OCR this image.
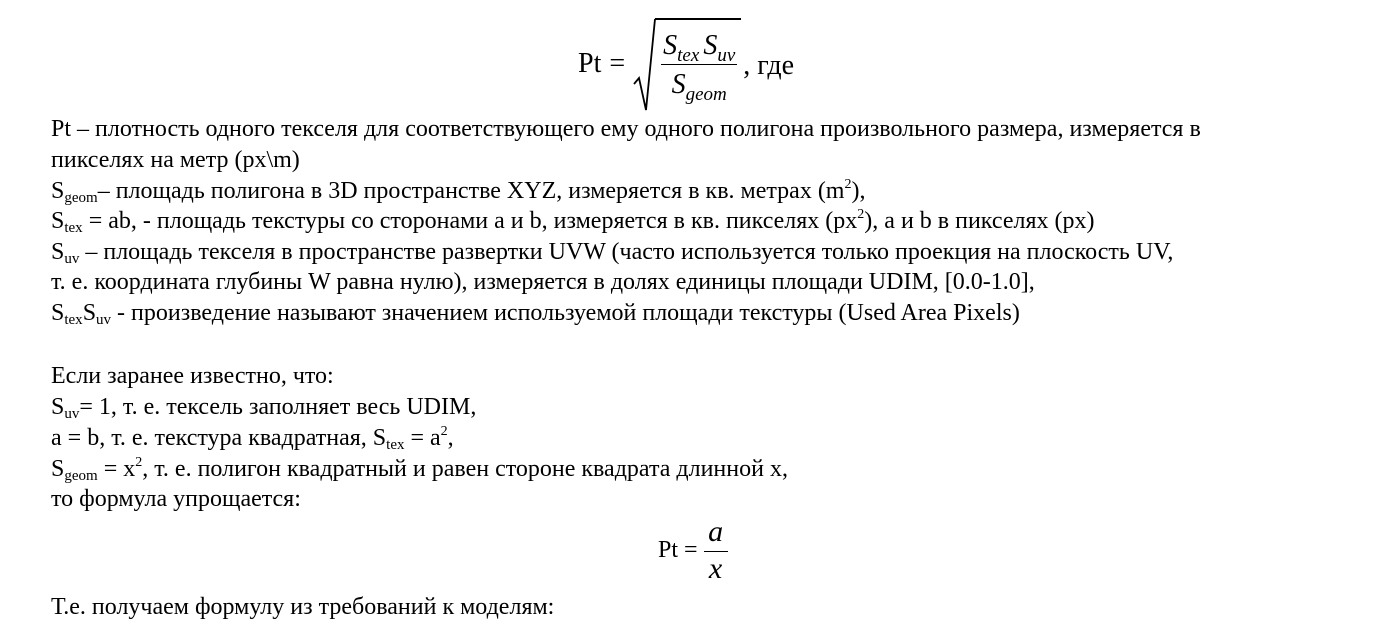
$Pt = \frac{S_{tex} S_{uv}}{S_{geom}}$ , где
Pt – плотность одного текселя для соответствующего ему одного полигона произвольного размера, измеряется в
пикселях на метр (px\m)
Sgeom– площадь полигона в 3D пространстве XYZ, измеряется в кв. метрах $(m^2)$,
Stex = ab, - площадь текстуры со сторонами a и b, измеряется в кв. пикселях $(px^2)$, a и b в пикселях (px)
Suv – площадь текселя в пространстве развертки UVW (часто используется только проекция на плоскость UV,
т. е. координата глубины W равна нулю), измеряется в долях единицы площади UDIM, [0.0-1.0],
StexSuv - произведение называют значением используемой площади текстуры (Used Area Pixels)
Если заранее известно, что:
Suv= 1, т. е. тексель заполняет весь UDIM,
a = b, т. е. текстура квадратная, Stex = $a^2$,
Sgeom = $x^2$, т. е. полигон квадратный и равен стороне квадрата длинной x,
то формула упрощается:
Pt =
a
x
Т.е. получаем формулу из требований к моделям:
